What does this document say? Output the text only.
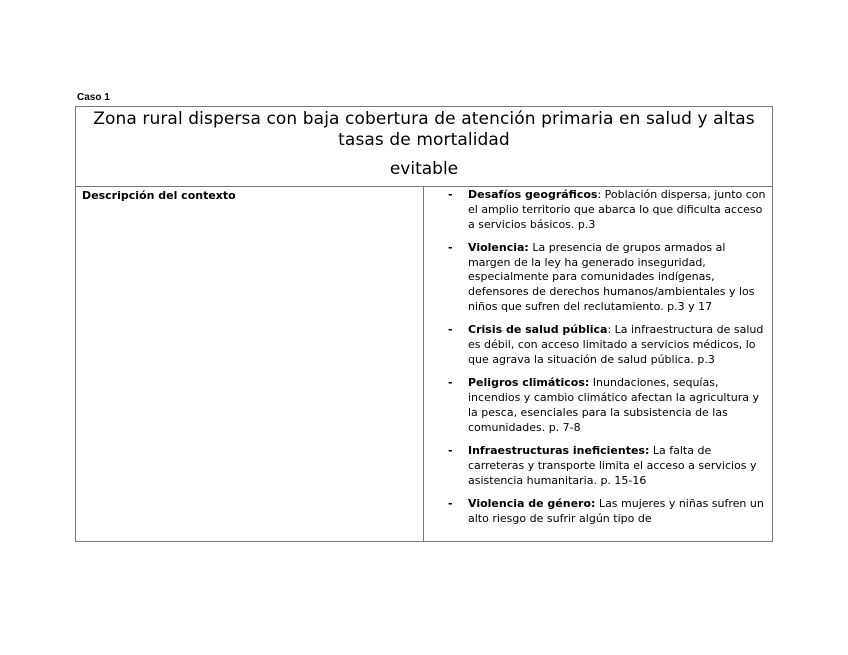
Caso 1
Zona rural dispersa con baja cobertura de atención primaria en salud y altas tasas de mortalidad
evitable
Descripción del contexto	- Desafíos geográficos: Población dispersa, junto con el amplio territorio que abarca lo que dificulta acceso a servicios básicos. p.3
- Violencia: La presencia de grupos armados al margen de la ley ha generado inseguridad, especialmente para comunidades indígenas, defensores de derechos humanos/ambientales y los niños que sufren del reclutamiento. p.3 y 17
- Crisis de salud pública: La infraestructura de salud es débil, con acceso limitado a servicios médicos, lo que agrava la situación de salud pública. p.3
- Peligros climáticos: Inundaciones, sequías, incendios y cambio climático afectan la agricultura y la pesca, esenciales para la subsistencia de las comunidades. p. 7-8
- Infraestructuras ineficientes: La falta de carreteras y transporte limita el acceso a servicios y asistencia humanitaria. p. 15-16
- Violencia de género: Las mujeres y niñas sufren un alto riesgo de sufrir algún tipo de
